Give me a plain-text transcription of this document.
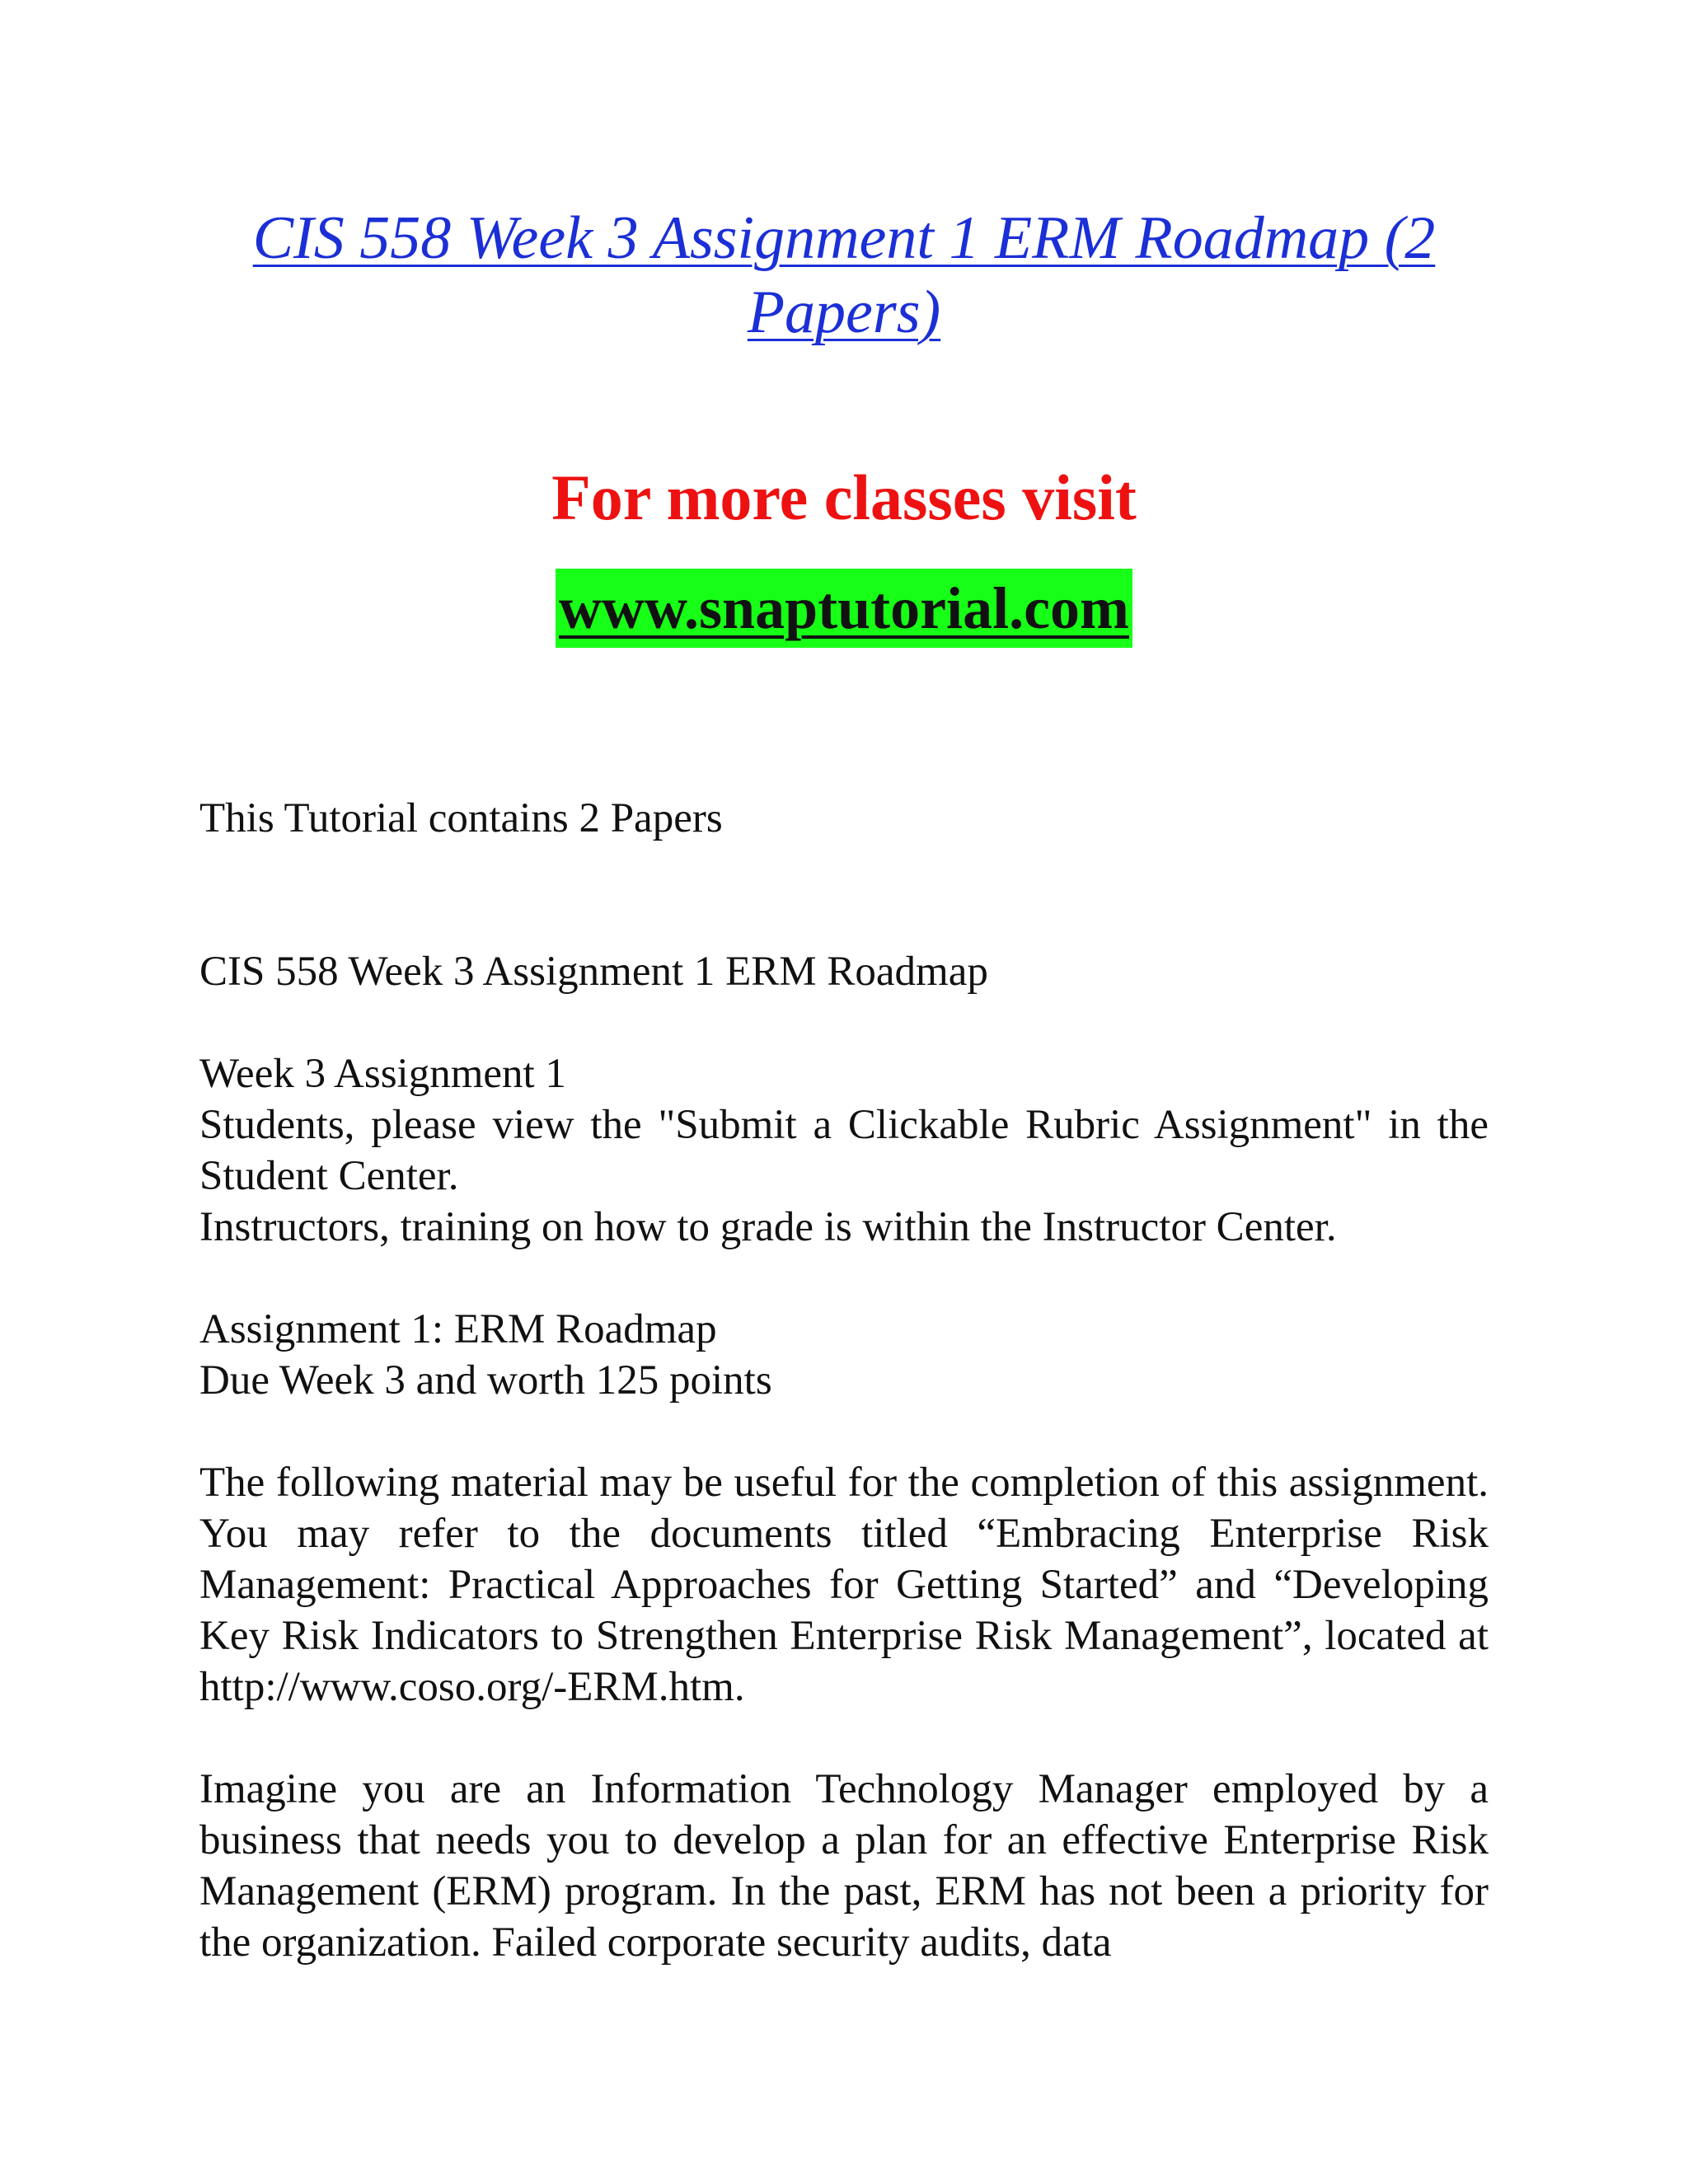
CIS 558 Week 3 Assignment 1 ERM Roadmap (2 Papers)

For more classes visit

www.snaptutorial.com

This Tutorial contains 2 Papers

CIS 558 Week 3 Assignment 1 ERM Roadmap

Week 3 Assignment 1

Students, please view the "Submit a Clickable Rubric Assignment" in the Student Center.

Instructors, training on how to grade is within the Instructor Center.

Assignment 1: ERM Roadmap

Due Week 3 and worth 125 points

The following material may be useful for the completion of this assignment. You may refer to the documents titled “Embracing Enterprise Risk Management: Practical Approaches for Getting Started” and “Developing Key Risk Indicators to Strengthen Enterprise Risk Management”, located at http://www.coso.org/-ERM.htm.

Imagine you are an Information Technology Manager employed by a business that needs you to develop a plan for an effective Enterprise Risk Management (ERM) program. In the past, ERM has not been a priority for the organization. Failed corporate security audits, data
